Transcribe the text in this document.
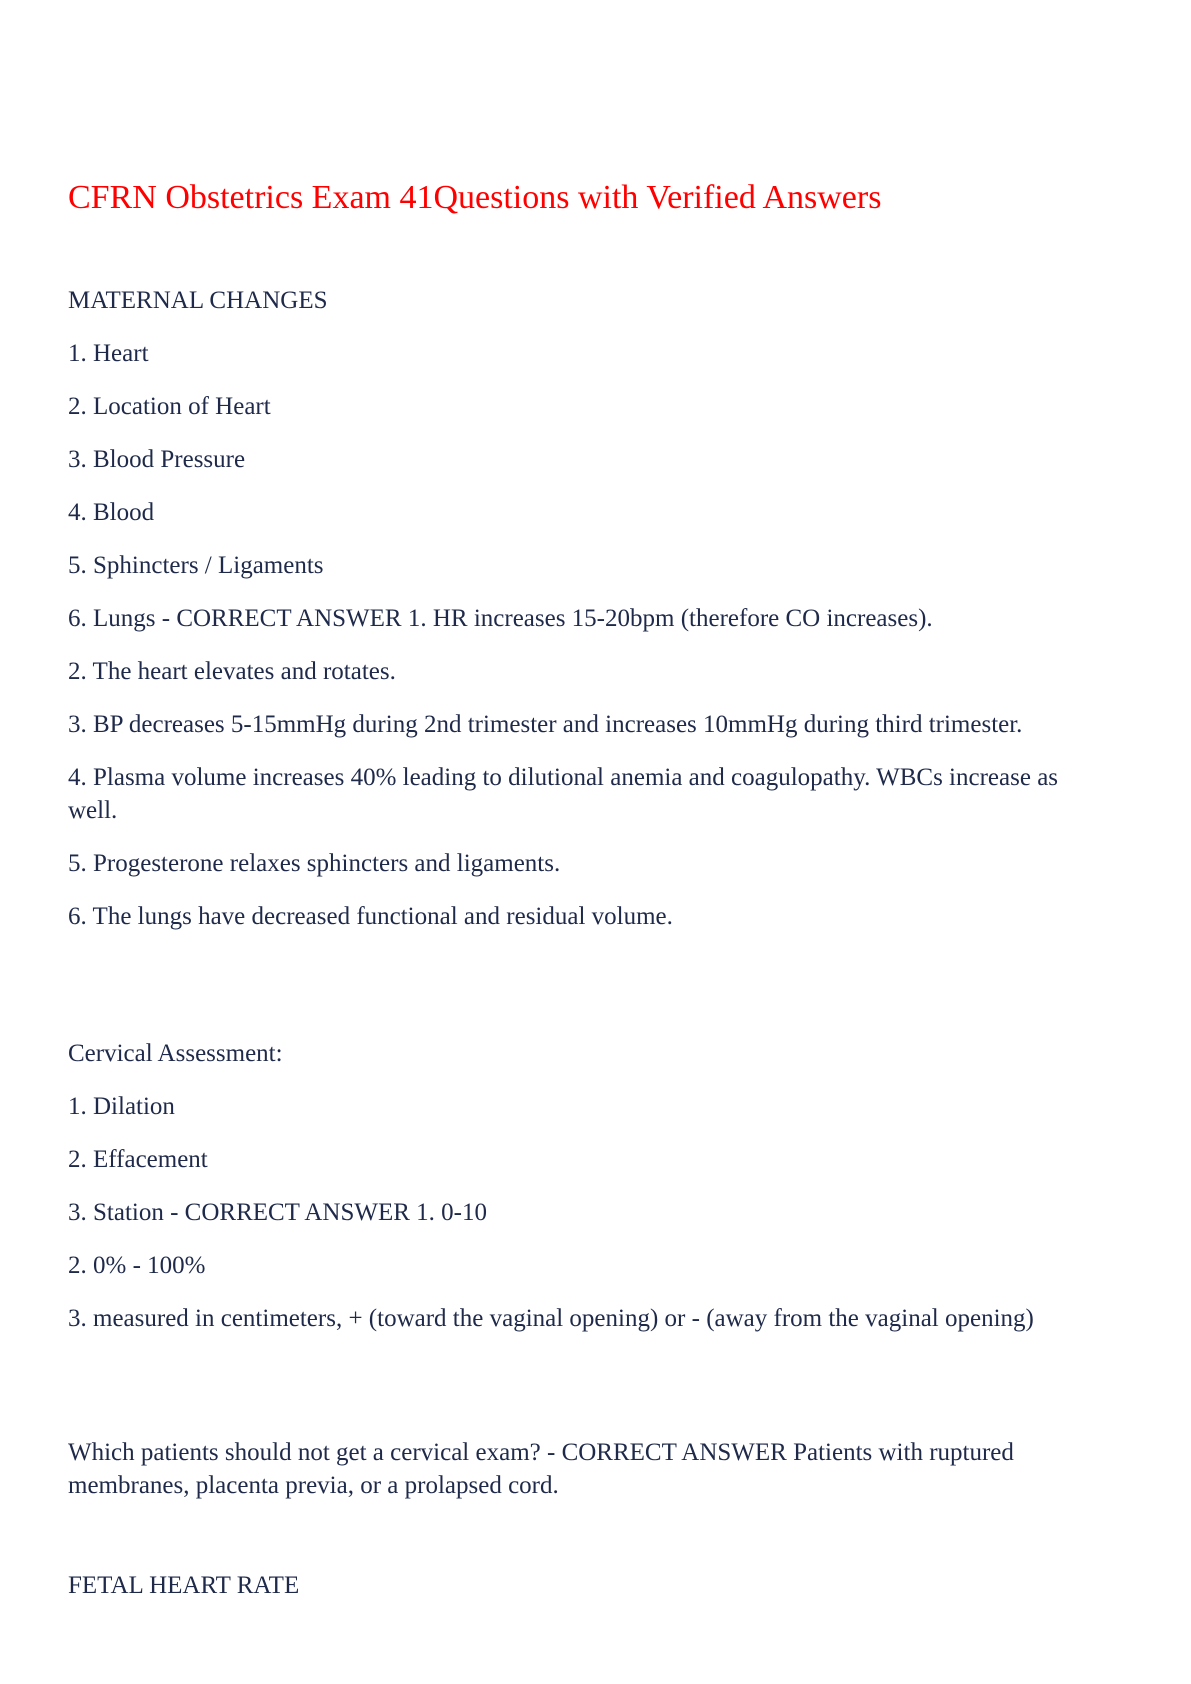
CFRN Obstetrics Exam 41Questions with Verified Answers

MATERNAL CHANGES

1. Heart

2. Location of Heart

3. Blood Pressure

4. Blood

5. Sphincters / Ligaments

6. Lungs - CORRECT ANSWER 1. HR increases 15-20bpm (therefore CO increases).

2. The heart elevates and rotates.

3. BP decreases 5-15mmHg during 2nd trimester and increases 10mmHg during third trimester.

4. Plasma volume increases 40% leading to dilutional anemia and coagulopathy. WBCs increase as well.

5. Progesterone relaxes sphincters and ligaments.

6. The lungs have decreased functional and residual volume.

Cervical Assessment:

1. Dilation

2. Effacement

3. Station - CORRECT ANSWER 1. 0-10

2. 0% - 100%

3. measured in centimeters, + (toward the vaginal opening) or - (away from the vaginal opening)

Which patients should not get a cervical exam? - CORRECT ANSWER Patients with ruptured membranes, placenta previa, or a prolapsed cord.

FETAL HEART RATE
